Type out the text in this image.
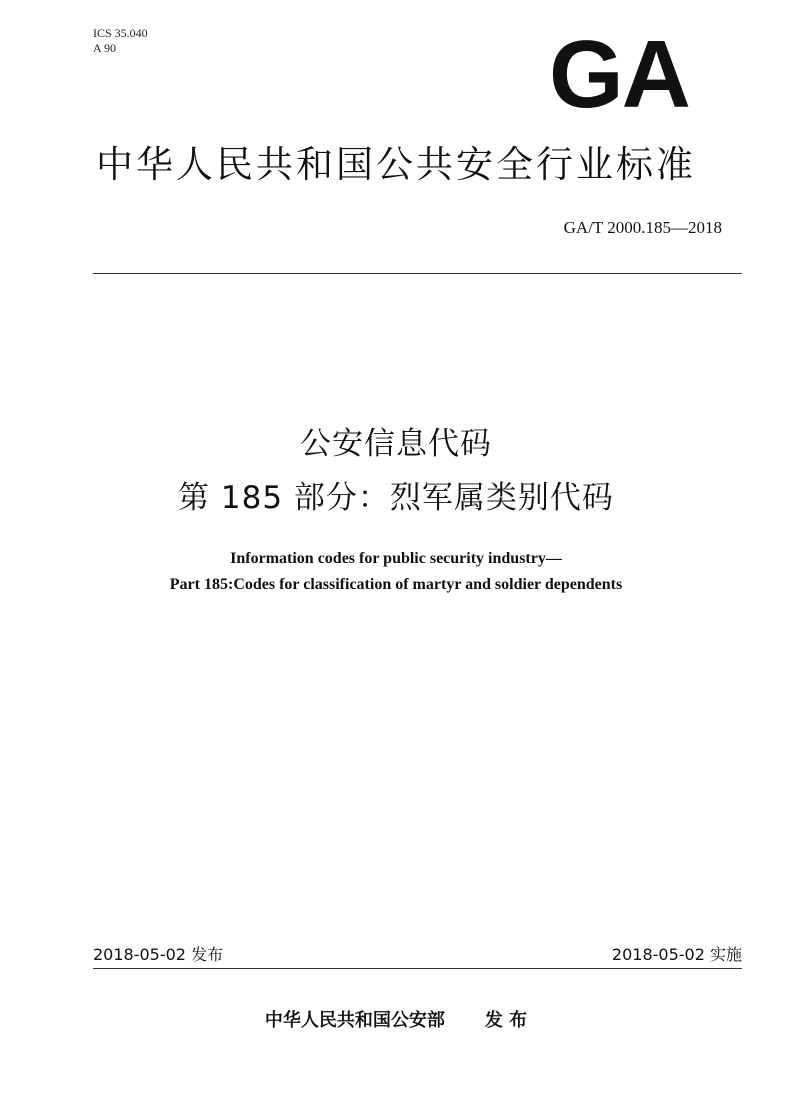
ICS 35.040
A 90	GA
中华人民共和国公共安全行业标准
GA/T 2000.185—2018
公安信息代码
第 185 部分：烈军属类别代码
Information codes for public security industry—
Part 185:Codes for classification of martyr and soldier dependents
2018-05-02 发布	2018-05-02 实施
中华人民共和国公安部 发 布
